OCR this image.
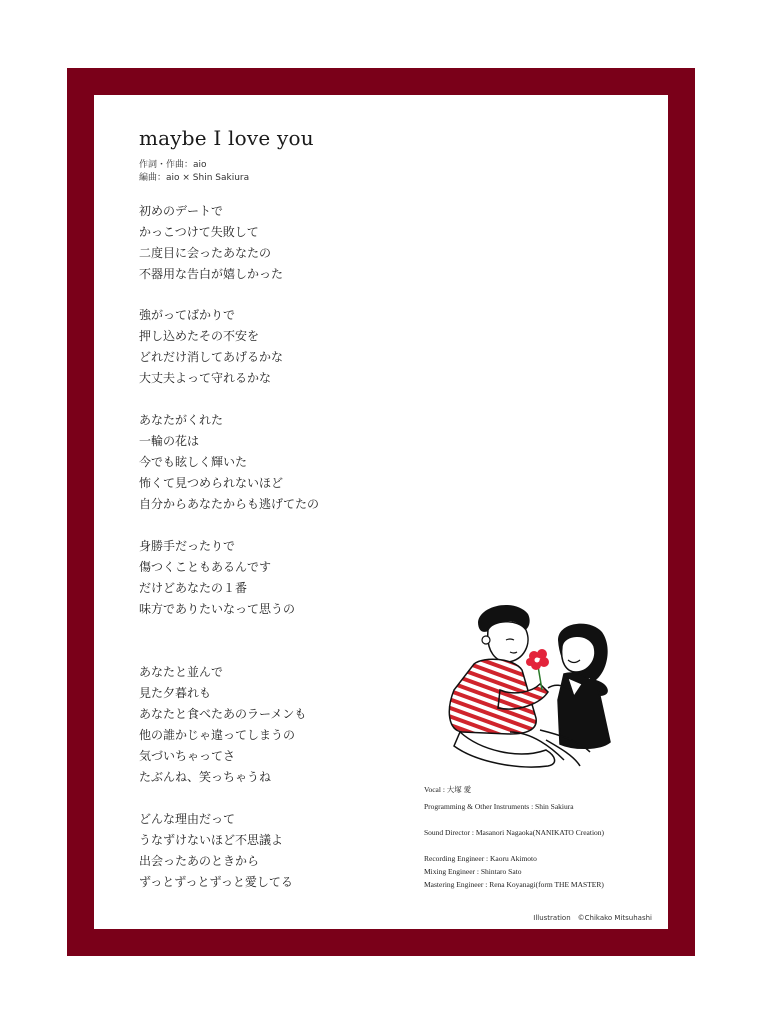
maybe I love you
作詞・作曲：aio
編曲：aio × Shin Sakiura
初めのデートで
かっこつけて失敗して
二度目に会ったあなたの
不器用な告白が嬉しかった
強がってばかりで
押し込めたその不安を
どれだけ消してあげるかな
大丈夫よって守れるかな
あなたがくれた
一輪の花は
今でも眩しく輝いた
怖くて見つめられないほど
自分からあなたからも逃げてたの
身勝手だったりで
傷つくこともあるんです
だけどあなたの１番
味方でありたいなって思うの
あなたと並んで
見た夕暮れも
あなたと食べたあのラーメンも
他の誰かじゃ違ってしまうの
気づいちゃってさ
たぶんね、笑っちゃうね
どんな理由だって
うなずけないほど不思議よ
出会ったあのときから
ずっとずっとずっと愛してる
Vocal : 大塚 愛
Programming & Other Instruments : Shin Sakiura
Sound Director : Masanori Nagaoka(NANIKATO Creation)
Recording Engineer : Kaoru Akimoto
Mixing Engineer : Shintaro Sato
Mastering Engineer : Rena Koyanagi(form THE MASTER)
Illustration　©Chikako Mitsuhashi
